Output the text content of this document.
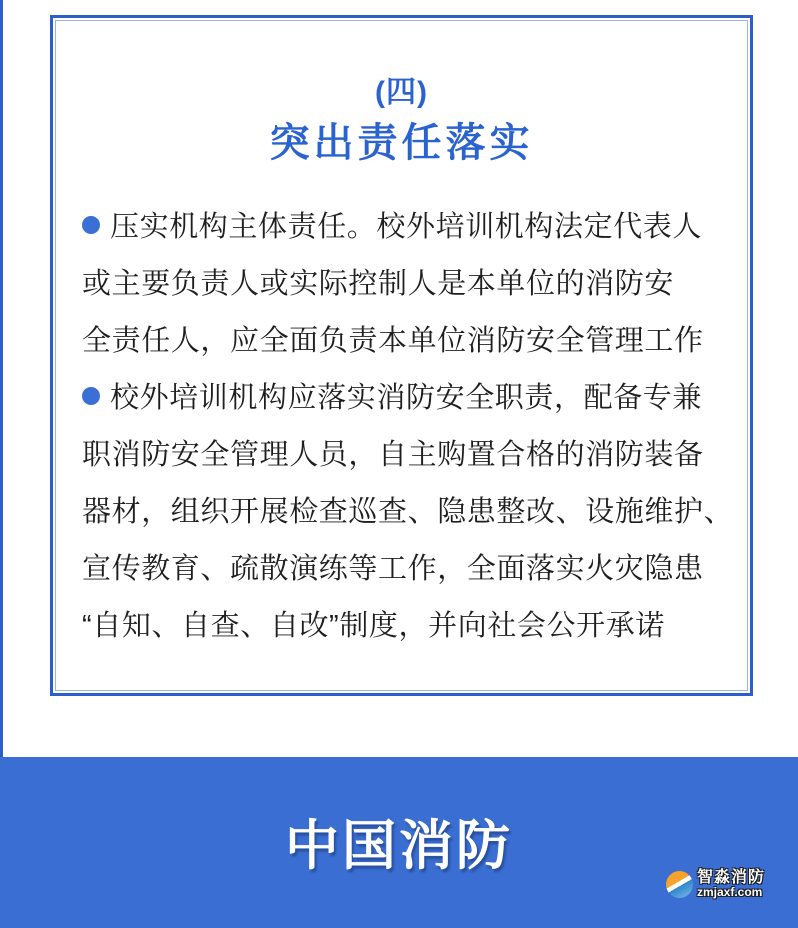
(四)
突出责任落实
压实机构主体责任。校外培训机构法定代表人
或主要负责人或实际控制人是本单位的消防安
全责任人，应全面负责本单位消防安全管理工作
校外培训机构应落实消防安全职责，配备专兼
职消防安全管理人员，自主购置合格的消防装备
器材，组织开展检查巡查、隐患整改、设施维护、
宣传教育、疏散演练等工作，全面落实火灾隐患
“自知、自查、自改”制度，并向社会公开承诺
中国消防
智淼消防
zmjaxf.com
